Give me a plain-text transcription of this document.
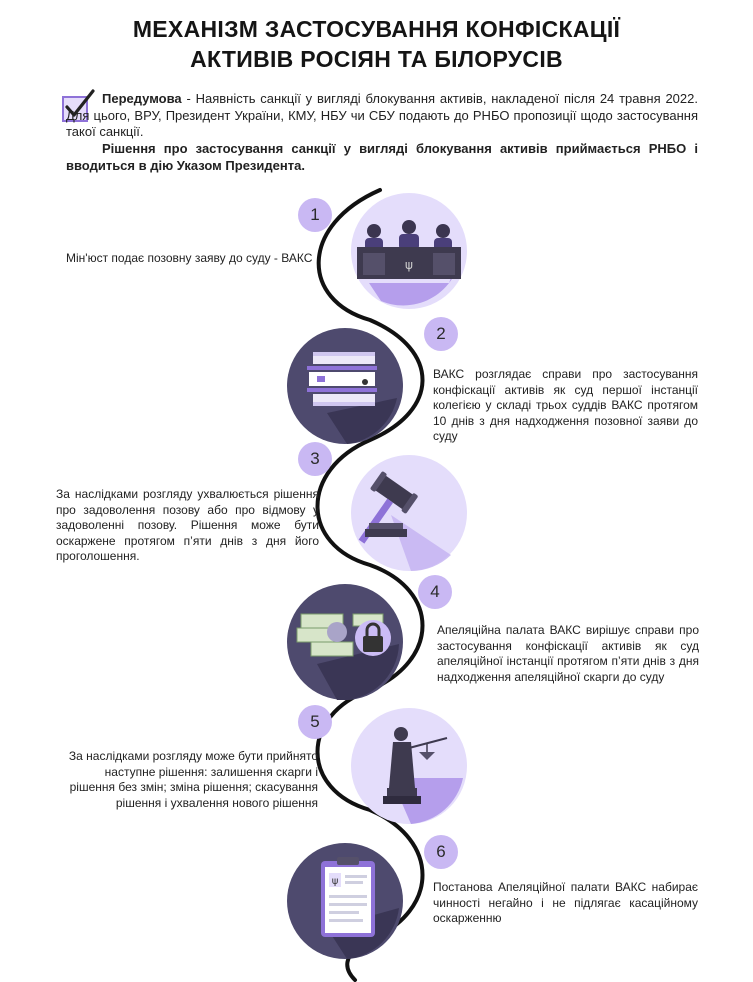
МЕХАНІЗМ ЗАСТОСУВАННЯ КОНФІСКАЦІЇ
АКТИВІВ РОСІЯН ТА БІЛОРУСІВ
Передумова - Наявність санкції у вигляді блокування активів, накладеної після 24 травня 2022. Для цього, ВРУ, Президент України, КМУ, НБУ чи СБУ подають до РНБО пропозиції щодо застосування такої санкції.
Рішення про застосування санкції у вигляді блокування активів приймається РНБО і вводиться в дію Указом Президента.
1
ψ
Мін'юст подає позовну заяву до суду - ВАКС
2
ВАКС розглядає справи про застосування конфіскації активів як суд першої інстанції колегією у складі трьох суддів ВАКС протягом 10 днів з дня надходження позовної заяви до суду
3
За наслідками розгляду ухвалюється рішення про задоволення позову або про відмову у задоволенні позову. Рішення може бути оскаржене протягом п’яти днів з дня його проголошення.
4
Апеляційна палата ВАКС вирішує справи про застосування конфіскації активів як суд апеляційної інстанції протягом п’яти днів з дня надходження апеляційної скарги до суду
5
За наслідками розгляду може бути прийнято наступне рішення: залишення скарги і рішення без змін; зміна рішення; скасування рішення і ухвалення нового рішення
6
ψ	Постанова Апеляційної палати ВАКС набирає чинності негайно і не підлягає касаційному оскарженню
